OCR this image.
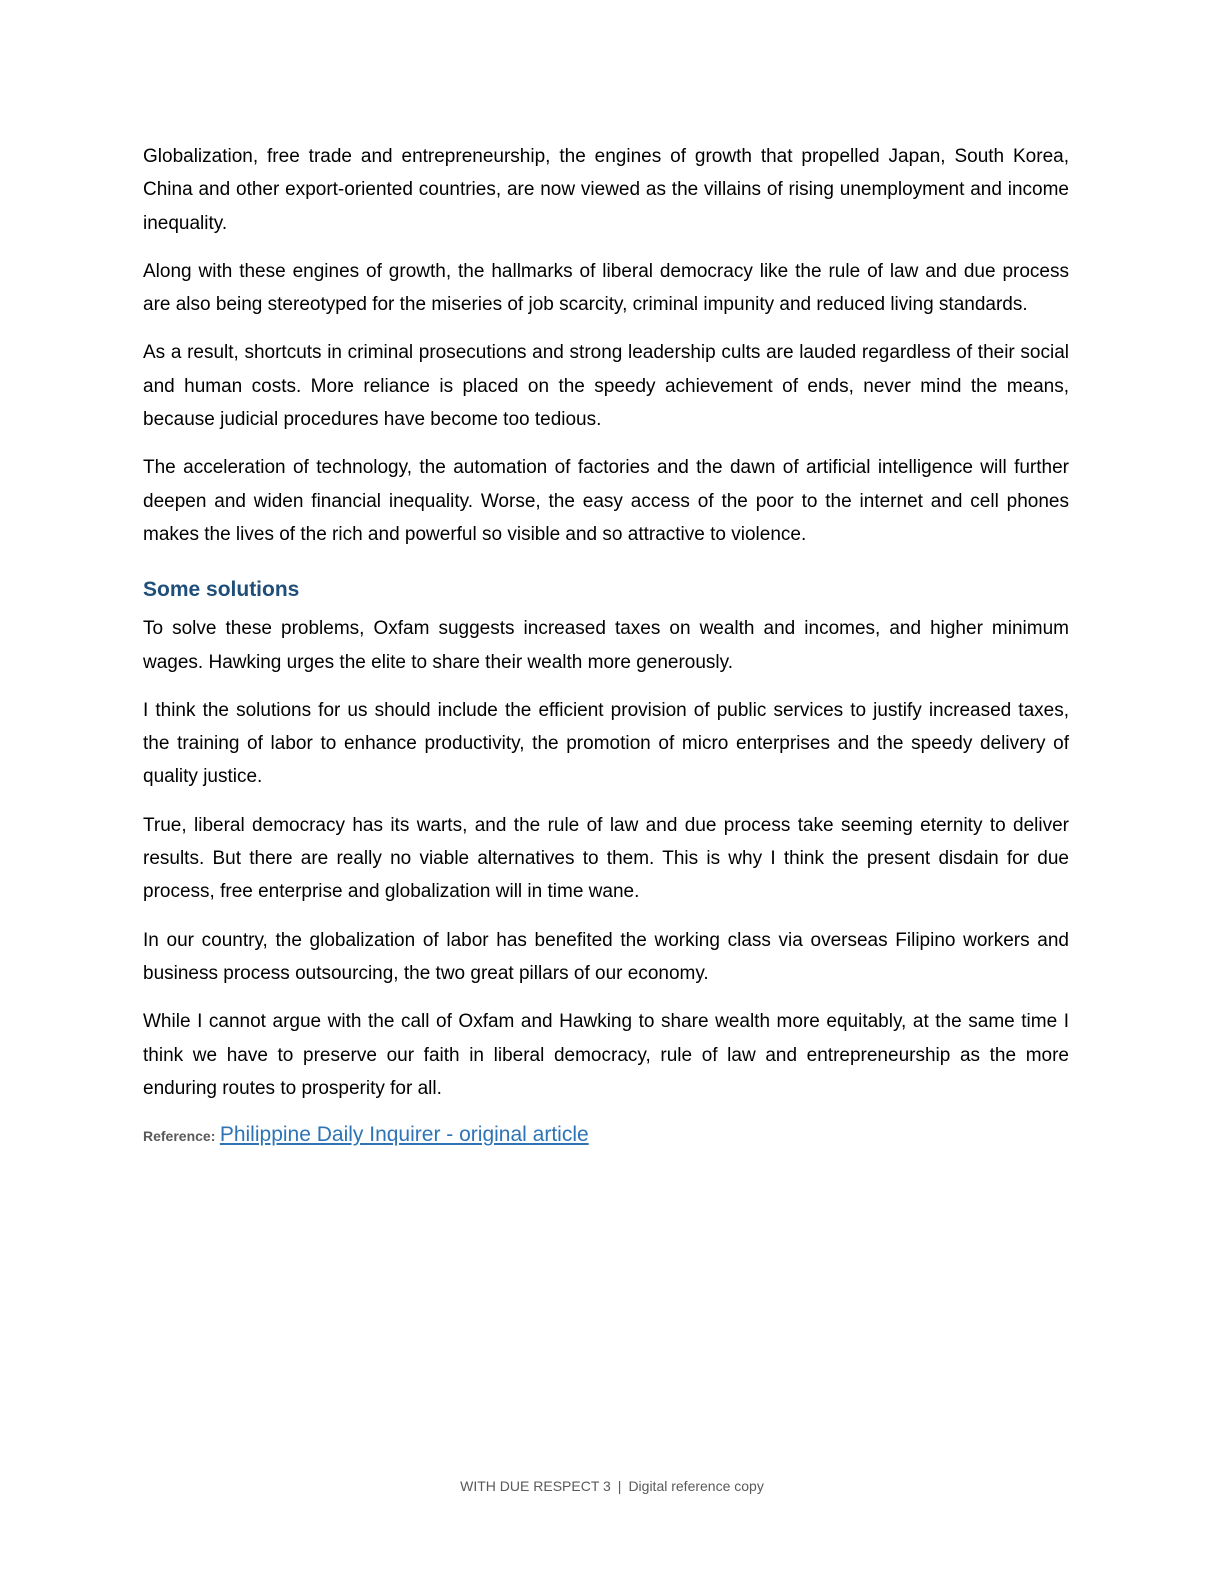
Globalization, free trade and entrepreneurship, the engines of growth that propelled Japan, South Korea, China and other export-oriented countries, are now viewed as the villains of rising unemployment and income inequality.

Along with these engines of growth, the hallmarks of liberal democracy like the rule of law and due process are also being stereotyped for the miseries of job scarcity, criminal impunity and reduced living standards.

As a result, shortcuts in criminal prosecutions and strong leadership cults are lauded regardless of their social and human costs. More reliance is placed on the speedy achievement of ends, never mind the means, because judicial procedures have become too tedious.

The acceleration of technology, the automation of factories and the dawn of artificial intelligence will further deepen and widen financial inequality. Worse, the easy access of the poor to the internet and cell phones makes the lives of the rich and powerful so visible and so attractive to violence.

Some solutions

To solve these problems, Oxfam suggests increased taxes on wealth and incomes, and higher minimum wages. Hawking urges the elite to share their wealth more generously.

I think the solutions for us should include the efficient provision of public services to justify increased taxes, the training of labor to enhance productivity, the promotion of micro enterprises and the speedy delivery of quality justice.

True, liberal democracy has its warts, and the rule of law and due process take seeming eternity to deliver results. But there are really no viable alternatives to them. This is why I think the present disdain for due process, free enterprise and globalization will in time wane.

In our country, the globalization of labor has benefited the working class via overseas Filipino workers and business process outsourcing, the two great pillars of our economy.

While I cannot argue with the call of Oxfam and Hawking to share wealth more equitably, at the same time I think we have to preserve our faith in liberal democracy, rule of law and entrepreneurship as the more enduring routes to prosperity for all.

Reference: Philippine Daily Inquirer - original article
WITH DUE RESPECT 3 | Digital reference copy
